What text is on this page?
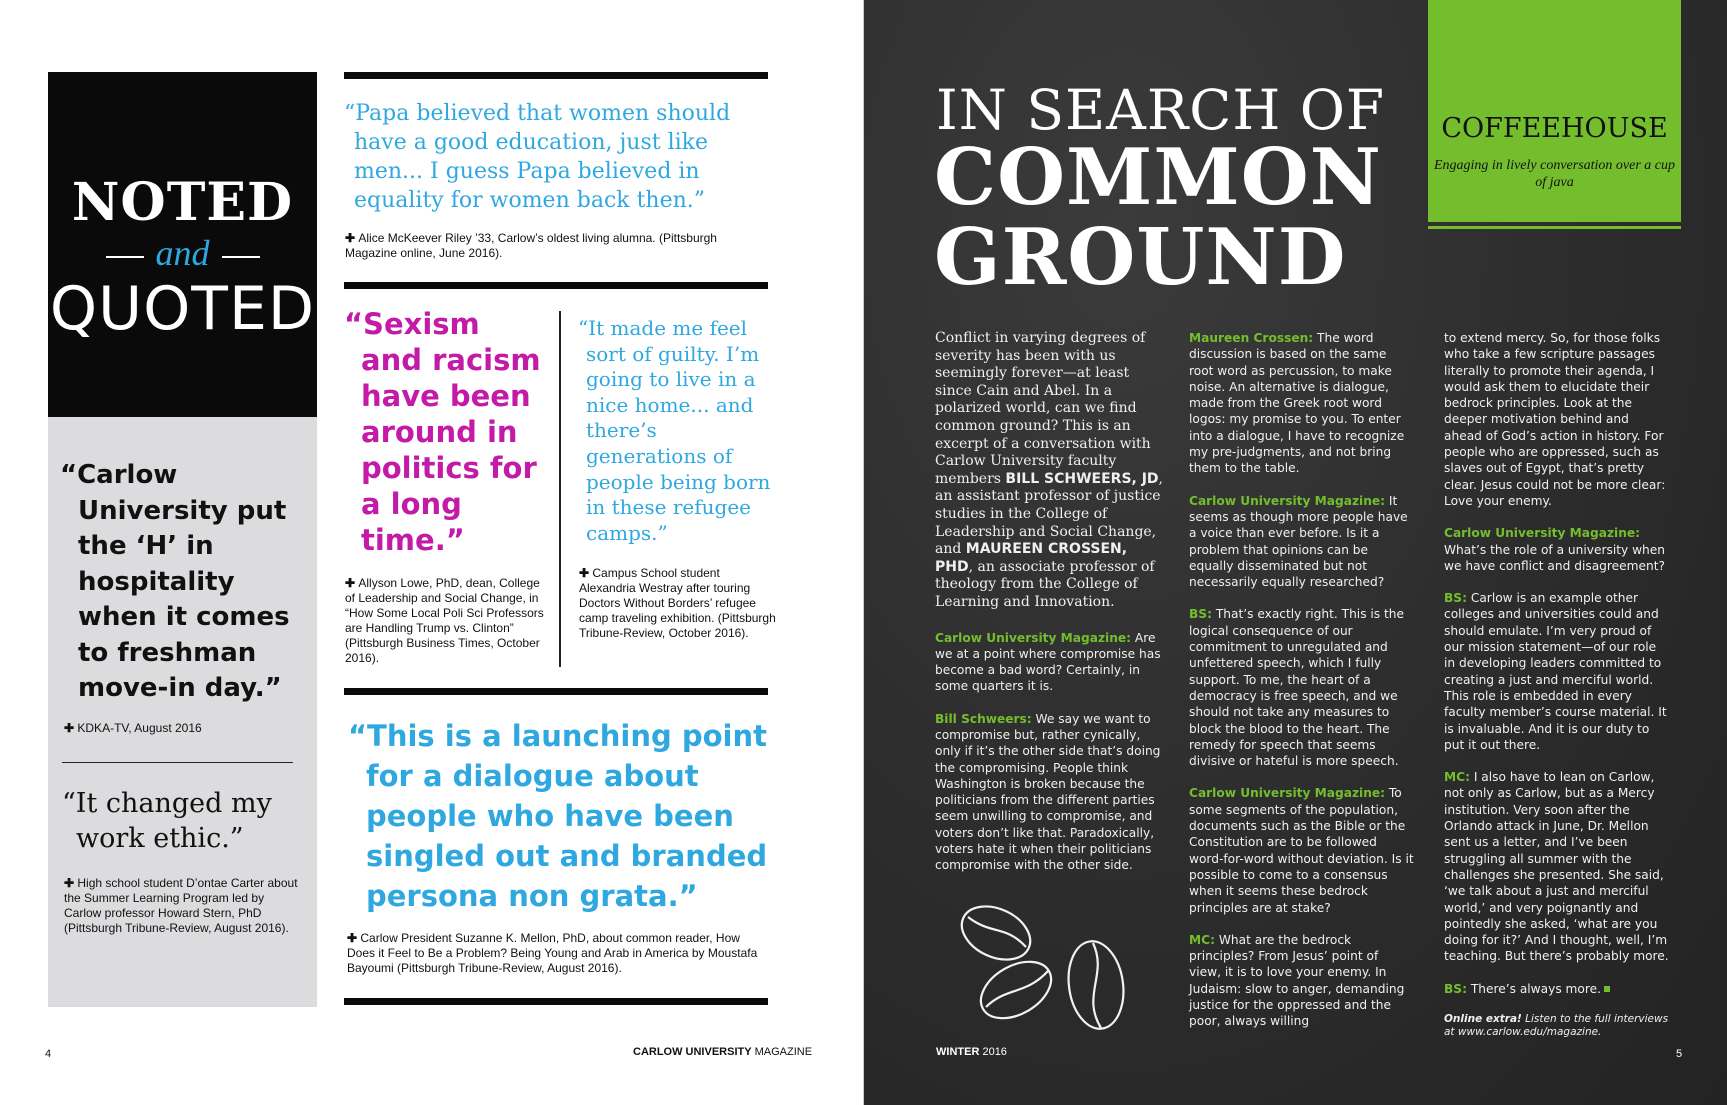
NOTED
and
QUOTED
“Carlow University put the ‘H’ in hospitality when it comes to freshman move-in day.”
✚ KDKA-TV, August 2016
“It changed my work ethic.”
✚ High school student D’ontae Carter about the Summer Learning Program led by Carlow professor Howard Stern, PhD (Pittsburgh Tribune-Review, August 2016).
“Papa believed that women should have a good education, just like men... I guess Papa believed in equality for women back then.”
✚ Alice McKeever Riley ’33, Carlow’s oldest living alumna. (Pittsburgh Magazine online, June 2016).
“Sexism and racism have been around in politics for a long time.”
✚ Allyson Lowe, PhD, dean, College of Leadership and Social Change, in “How Some Local Poli Sci Professors are Handling Trump vs. Clinton” (Pittsburgh Business Times, October 2016).
“It made me feel sort of guilty. I’m going to live in a nice home... and there’s generations of people being born in these refugee camps.”
✚ Campus School student Alexandria Westray after touring Doctors Without Borders’ refugee camp traveling exhibition. (Pittsburgh Tribune-Review, October 2016).
“This is a launching point for a dialogue about people who have been singled out and branded persona non grata.”
✚ Carlow President Suzanne K. Mellon, PhD, about common reader, How Does it Feel to Be a Problem? Being Young and Arab in America by Moustafa Bayoumi (Pittsburgh Tribune-Review, August 2016).
4	CARLOW UNIVERSITY MAGAZINE
COFFEEHOUSE
Engaging in lively conversation over a cup of java
IN SEARCH OF
COMMON
GROUND
Conflict in varying degrees of severity has been with us seemingly forever—at least since Cain and Abel. In a polarized world, can we find common ground? This is an excerpt of a conversation with Carlow University faculty members BILL SCHWEERS, JD, an assistant professor of justice studies in the College of Leadership and Social Change, and MAUREEN CROSSEN, PHD, an associate professor of theology from the College of Learning and Innovation.

Carlow University Magazine: Are we at a point where compromise has become a bad word? Certainly, in some quarters it is.

Bill Schweers: We say we want to compromise but, rather cynically, only if it’s the other side that’s doing the compromising. People think Washington is broken because the politicians from the different parties seem unwilling to compromise, and voters don’t like that. Paradoxically, voters hate it when their politicians compromise with the other side.

Maureen Crossen: The word discussion is based on the same root word as percussion, to make noise. An alternative is dialogue, made from the Greek root word logos: my promise to you. To enter into a dialogue, I have to recognize my pre-judgments, and not bring them to the table.

Carlow University Magazine: It seems as though more people have a voice than ever before. Is it a problem that opinions can be equally disseminated but not necessarily equally researched?

BS: That’s exactly right. This is the logical consequence of our commitment to unregulated and unfettered speech, which I fully support. To me, the heart of a democracy is free speech, and we should not take any measures to block the blood to the heart. The remedy for speech that seems divisive or hateful is more speech.

Carlow University Magazine: To some segments of the population, documents such as the Bible or the Constitution are to be followed word-for-word without deviation. Is it possible to come to a consensus when it seems these bedrock principles are at stake?

MC: What are the bedrock principles? From Jesus’ point of view, it is to love your enemy. In Judaism: slow to anger, demanding justice for the oppressed and the poor, always willing

to extend mercy. So, for those folks who take a few scripture passages literally to promote their agenda, I would ask them to elucidate their bedrock principles. Look at the deeper motivation behind and ahead of God’s action in history. For people who are oppressed, such as slaves out of Egypt, that’s pretty clear. Jesus could not be more clear: Love your enemy.

Carlow University Magazine: What’s the role of a university when we have conflict and disagreement?

BS: Carlow is an example other colleges and universities could and should emulate. I’m very proud of our mission statement—of our role in developing leaders committed to creating a just and merciful world. This role is embedded in every faculty member’s course material. It is invaluable. And it is our duty to put it out there.

MC: I also have to lean on Carlow, not only as Carlow, but as a Mercy institution. Very soon after the Orlando attack in June, Dr. Mellon sent us a letter, and I’ve been struggling all summer with the challenges she presented. She said, ‘we talk about a just and merciful world,’ and very poignantly and pointedly she asked, ‘what are you doing for it?’ And I thought, well, I’m teaching. But there’s probably more.

BS: There’s always more.

Online extra! Listen to the full interviews at www.carlow.edu/magazine.
WINTER 2016	5
